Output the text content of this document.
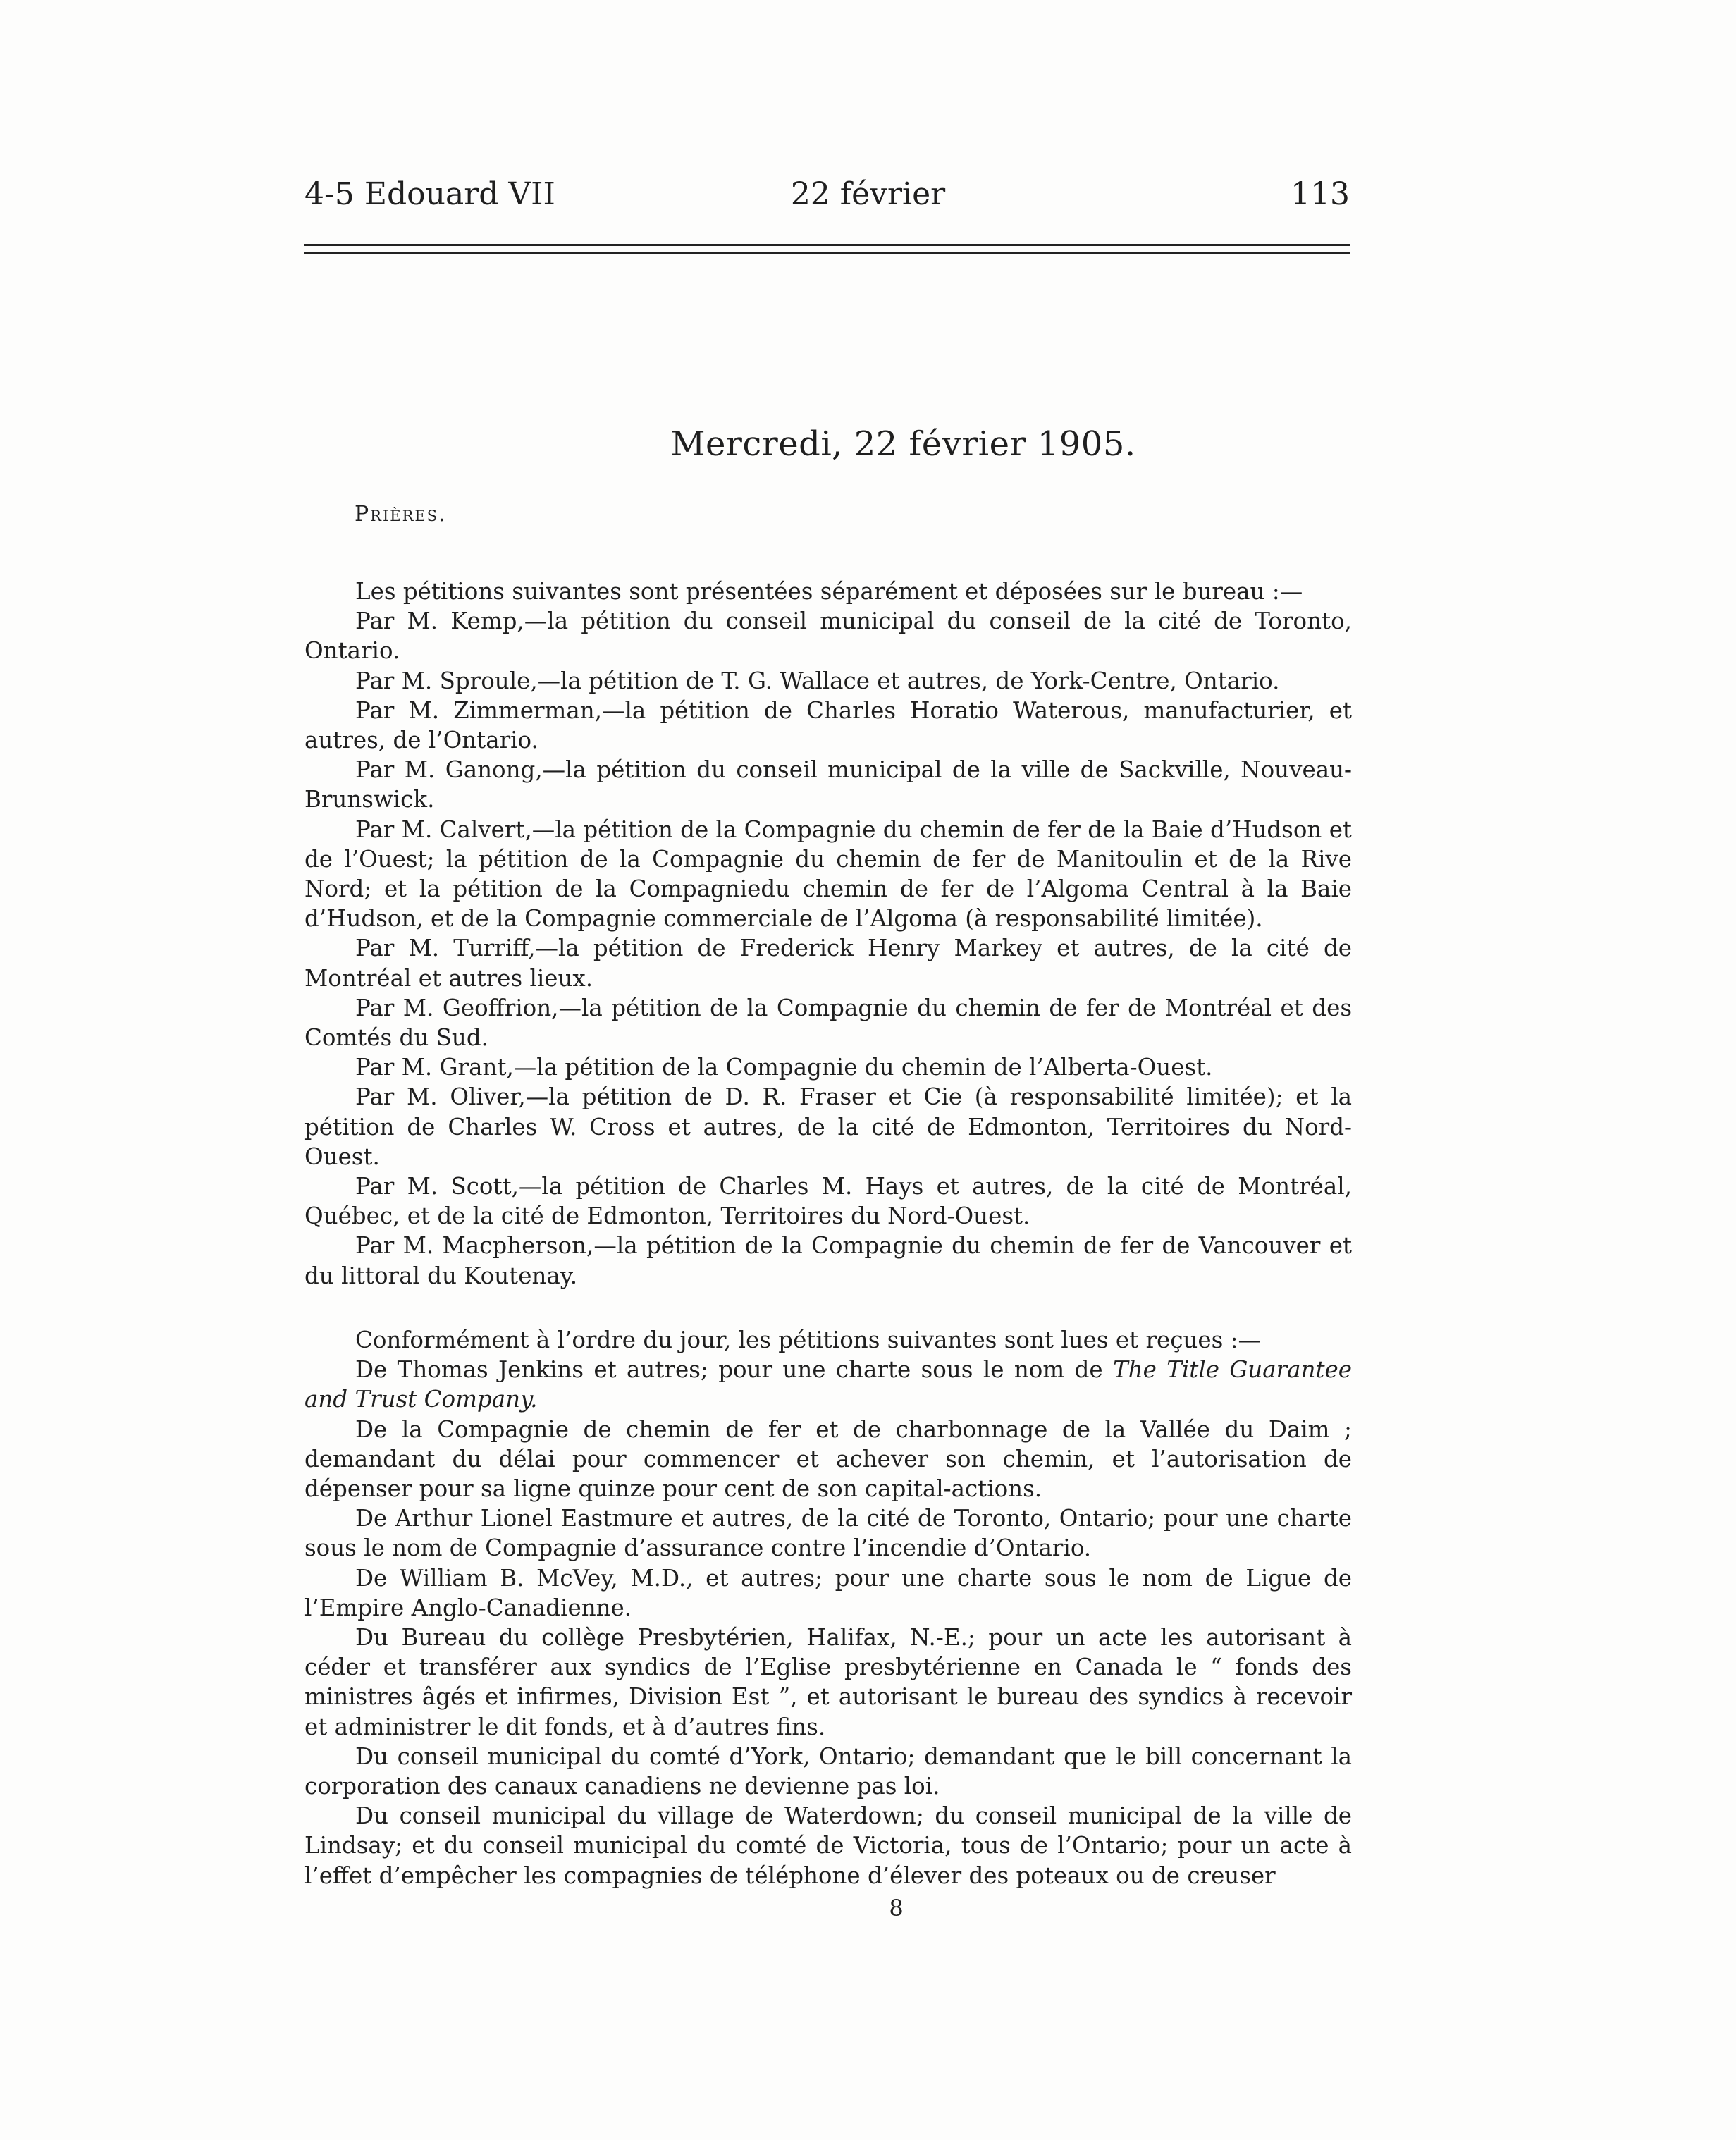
4-5 Edouard VII	22 février	113
Mercredi, 22 février 1905.
Prières.

Les pétitions suivantes sont présentées séparément et déposées sur le bureau :—

Par M. Kemp,—la pétition du conseil municipal du conseil de la cité de Toronto, Ontario.

Par M. Sproule,—la pétition de T. G. Wallace et autres, de York-Centre, Ontario.

Par M. Zimmerman,—la pétition de Charles Horatio Waterous, manufacturier, et autres, de l’Ontario.

Par M. Ganong,—la pétition du conseil municipal de la ville de Sackville, Nouveau-Brunswick.

Par M. Calvert,—la pétition de la Compagnie du chemin de fer de la Baie d’Hudson et de l’Ouest; la pétition de la Compagnie du chemin de fer de Manitoulin et de la Rive Nord; et la pétition de la Compagniedu chemin de fer de l’Algoma Central à la Baie d’Hudson, et de la Compagnie commerciale de l’Algoma (à responsabilité limitée).

Par M. Turriff,—la pétition de Frederick Henry Markey et autres, de la cité de Montréal et autres lieux.

Par M. Geoffrion,—la pétition de la Compagnie du chemin de fer de Montréal et des Comtés du Sud.

Par M. Grant,—la pétition de la Compagnie du chemin de l’Alberta-Ouest.

Par M. Oliver,—la pétition de D. R. Fraser et Cie (à responsabilité limitée); et la pétition de Charles W. Cross et autres, de la cité de Edmonton, Territoires du Nord-Ouest.

Par M. Scott,—la pétition de Charles M. Hays et autres, de la cité de Montréal, Québec, et de la cité de Edmonton, Territoires du Nord-Ouest.

Par M. Macpherson,—la pétition de la Compagnie du chemin de fer de Vancouver et du littoral du Koutenay.

Conformément à l’ordre du jour, les pétitions suivantes sont lues et reçues :—

De Thomas Jenkins et autres; pour une charte sous le nom de The Title Guarantee and Trust Company.

De la Compagnie de chemin de fer et de charbonnage de la Vallée du Daim ; demandant du délai pour commencer et achever son chemin, et l’autorisation de dépenser pour sa ligne quinze pour cent de son capital-actions.

De Arthur Lionel Eastmure et autres, de la cité de Toronto, Ontario; pour une charte sous le nom de Compagnie d’assurance contre l’incendie d’Ontario.

De William B. McVey, M.D., et autres; pour une charte sous le nom de Ligue de l’Empire Anglo-Canadienne.

Du Bureau du collège Presbytérien, Halifax, N.-E.; pour un acte les autorisant à céder et transférer aux syndics de l’Eglise presbytérienne en Canada le “ fonds des ministres âgés et infirmes, Division Est ”, et autorisant le bureau des syndics à recevoir et administrer le dit fonds, et à d’autres fins.

Du conseil municipal du comté d’York, Ontario; demandant que le bill concernant la corporation des canaux canadiens ne devienne pas loi.

Du conseil municipal du village de Waterdown; du conseil municipal de la ville de Lindsay; et du conseil municipal du comté de Victoria, tous de l’Ontario; pour un acte à l’effet d’empêcher les compagnies de téléphone d’élever des poteaux ou de creuser

8
